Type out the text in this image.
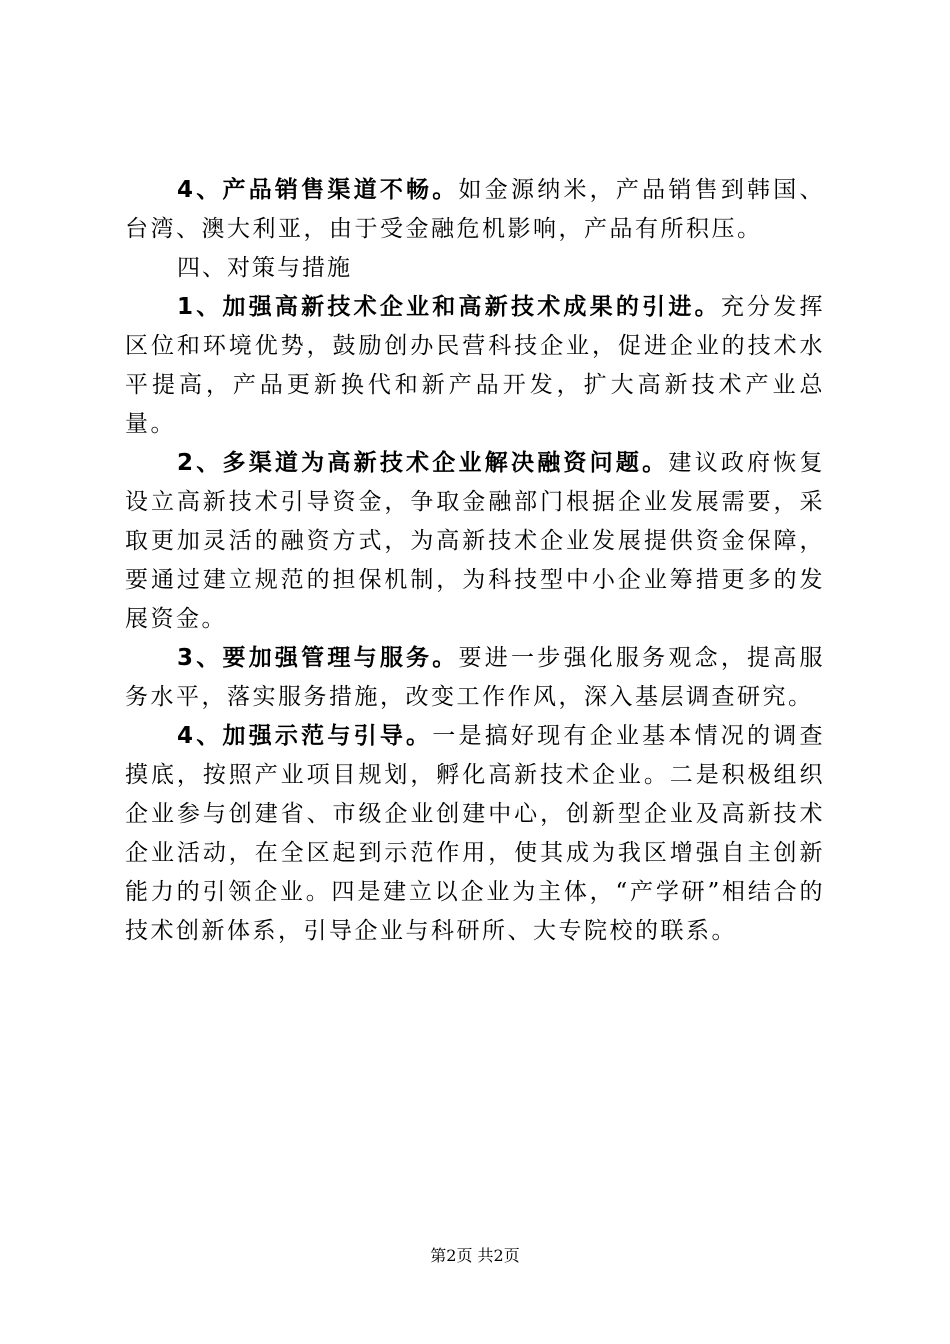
4、产品销售渠道不畅。如金源纳米，产品销售到韩国、台湾、澳大利亚，由于受金融危机影响，产品有所积压。

四、对策与措施

1、加强高新技术企业和高新技术成果的引进。充分发挥区位和环境优势，鼓励创办民营科技企业，促进企业的技术水平提高，产品更新换代和新产品开发，扩大高新技术产业总量。

2、多渠道为高新技术企业解决融资问题。建议政府恢复设立高新技术引导资金，争取金融部门根据企业发展需要，采取更加灵活的融资方式，为高新技术企业发展提供资金保障，要通过建立规范的担保机制，为科技型中小企业筹措更多的发展资金。

3、要加强管理与服务。要进一步强化服务观念，提高服务水平，落实服务措施，改变工作作风，深入基层调查研究。

4、加强示范与引导。一是搞好现有企业基本情况的调查摸底，按照产业项目规划，孵化高新技术企业。二是积极组织企业参与创建省、市级企业创建中心，创新型企业及高新技术企业活动，在全区起到示范作用，使其成为我区增强自主创新能力的引领企业。四是建立以企业为主体，“产学研”相结合的技术创新体系，引导企业与科研所、大专院校的联系。

第2页 共2页
